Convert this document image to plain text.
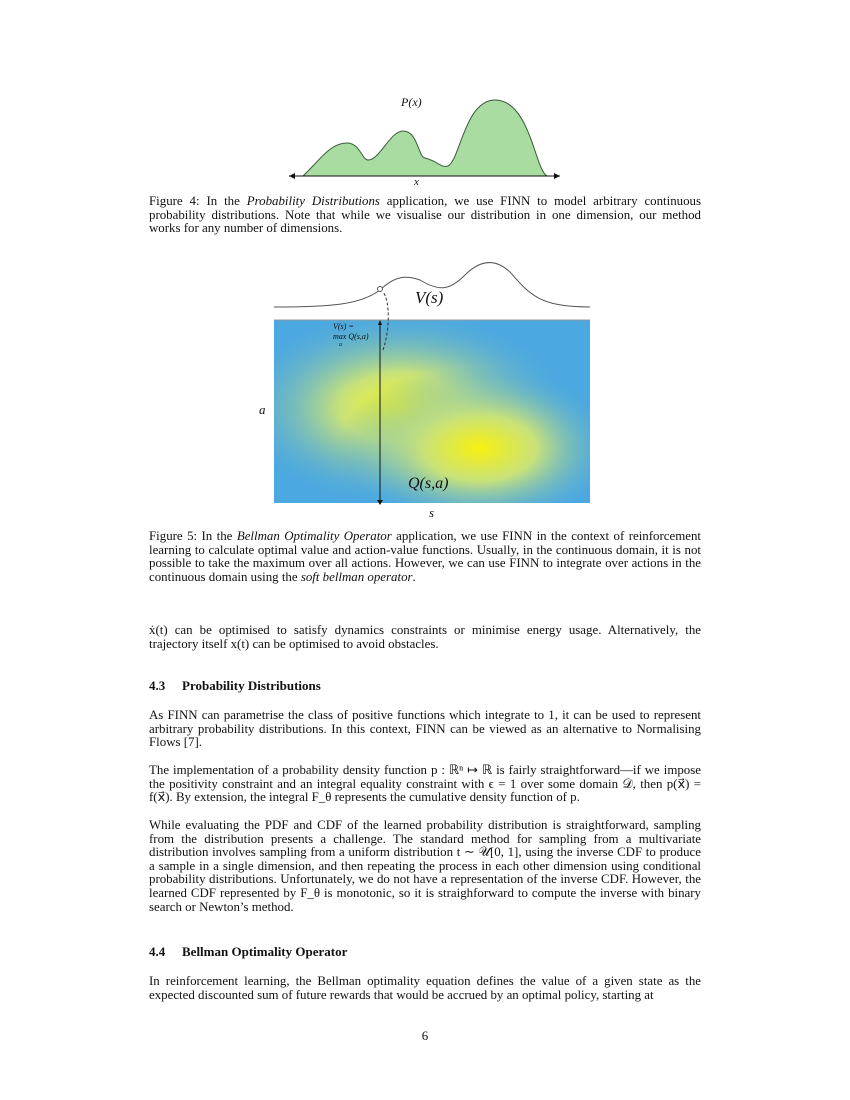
P(x)
x
Figure 4: In the Probability Distributions application, we use FINN to model arbitrary continuous probability distributions. Note that while we visualise our distribution in one dimension, our method works for any number of dimensions.
V(s)
V(s) =
max Q(s,a)
a
Q(s,a)
a
s
Figure 5: In the Bellman Optimality Operator application, we use FINN in the context of reinforcement learning to calculate optimal value and action-value functions. Usually, in the continuous domain, it is not possible to take the maximum over all actions. However, we can use FINN to integrate over actions in the continuous domain using the soft bellman operator.
ẋ(t) can be optimised to satisfy dynamics constraints or minimise energy usage. Alternatively, the trajectory itself x(t) can be optimised to avoid obstacles.
4.3 Probability Distributions
As FINN can parametrise the class of positive functions which integrate to 1, it can be used to represent arbitrary probability distributions. In this context, FINN can be viewed as an alternative to Normalising Flows [7].
The implementation of a probability density function p : ℝⁿ ↦ ℝ is fairly straightforward—if we impose the positivity constraint and an integral equality constraint with ϵ = 1 over some domain 𝒟, then p(x⃗) = f(x⃗). By extension, the integral F_θ represents the cumulative density function of p.
While evaluating the PDF and CDF of the learned probability distribution is straightforward, sampling from the distribution presents a challenge. The standard method for sampling from a multivariate distribution involves sampling from a uniform distribution t ∼ 𝒰[0, 1], using the inverse CDF to produce a sample in a single dimension, and then repeating the process in each other dimension using conditional probability distributions. Unfortunately, we do not have a representation of the inverse CDF. However, the learned CDF represented by F_θ is monotonic, so it is straighforward to compute the inverse with binary search or Newton’s method.
4.4 Bellman Optimality Operator
In reinforcement learning, the Bellman optimality equation defines the value of a given state as the expected discounted sum of future rewards that would be accrued by an optimal policy, starting at
6
